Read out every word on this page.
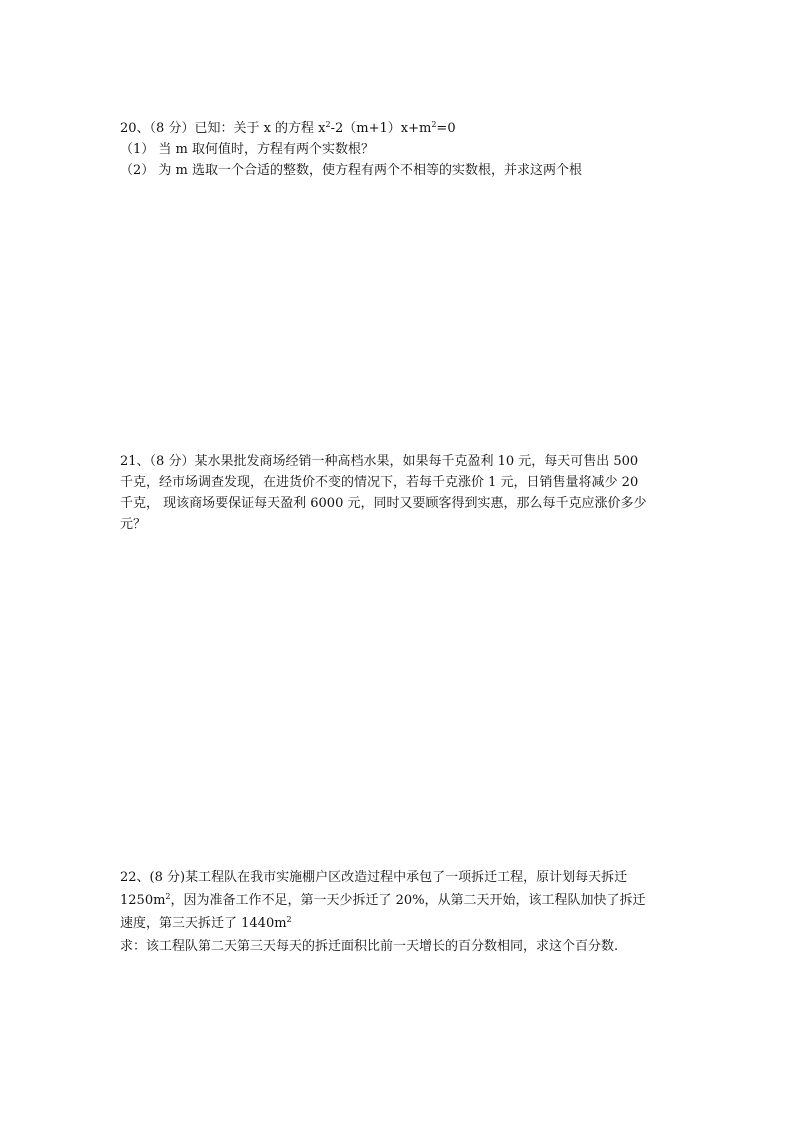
20、（8 分）已知：关于 x 的方程 $x^2-2(m+1)x+m^2=0$

（1） 当 m 取何值时，方程有两个实数根？

（2） 为 m 选取一个合适的整数，使方程有两个不相等的实数根，并求这两个根

21、（8 分）某水果批发商场经销一种高档水果，如果每千克盈利 10 元，每天可售出 500

千克，经市场调查发现，在进货价不变的情况下，若每千克涨价 1 元，日销售量将减少 20

千克， 现该商场要保证每天盈利 6000 元，同时又要顾客得到实惠，那么每千克应涨价多少

元？

22、(8 分)某工程队在我市实施棚户区改造过程中承包了一项拆迁工程，原计划每天拆迁

$1250m^2$，因为准备工作不足，第一天少拆迁了 20%，从第二天开始，该工程队加快了拆迁

速度，第三天拆迁了 $1440m^2$

求：该工程队第二天第三天每天的拆迁面积比前一天增长的百分数相同，求这个百分数.
